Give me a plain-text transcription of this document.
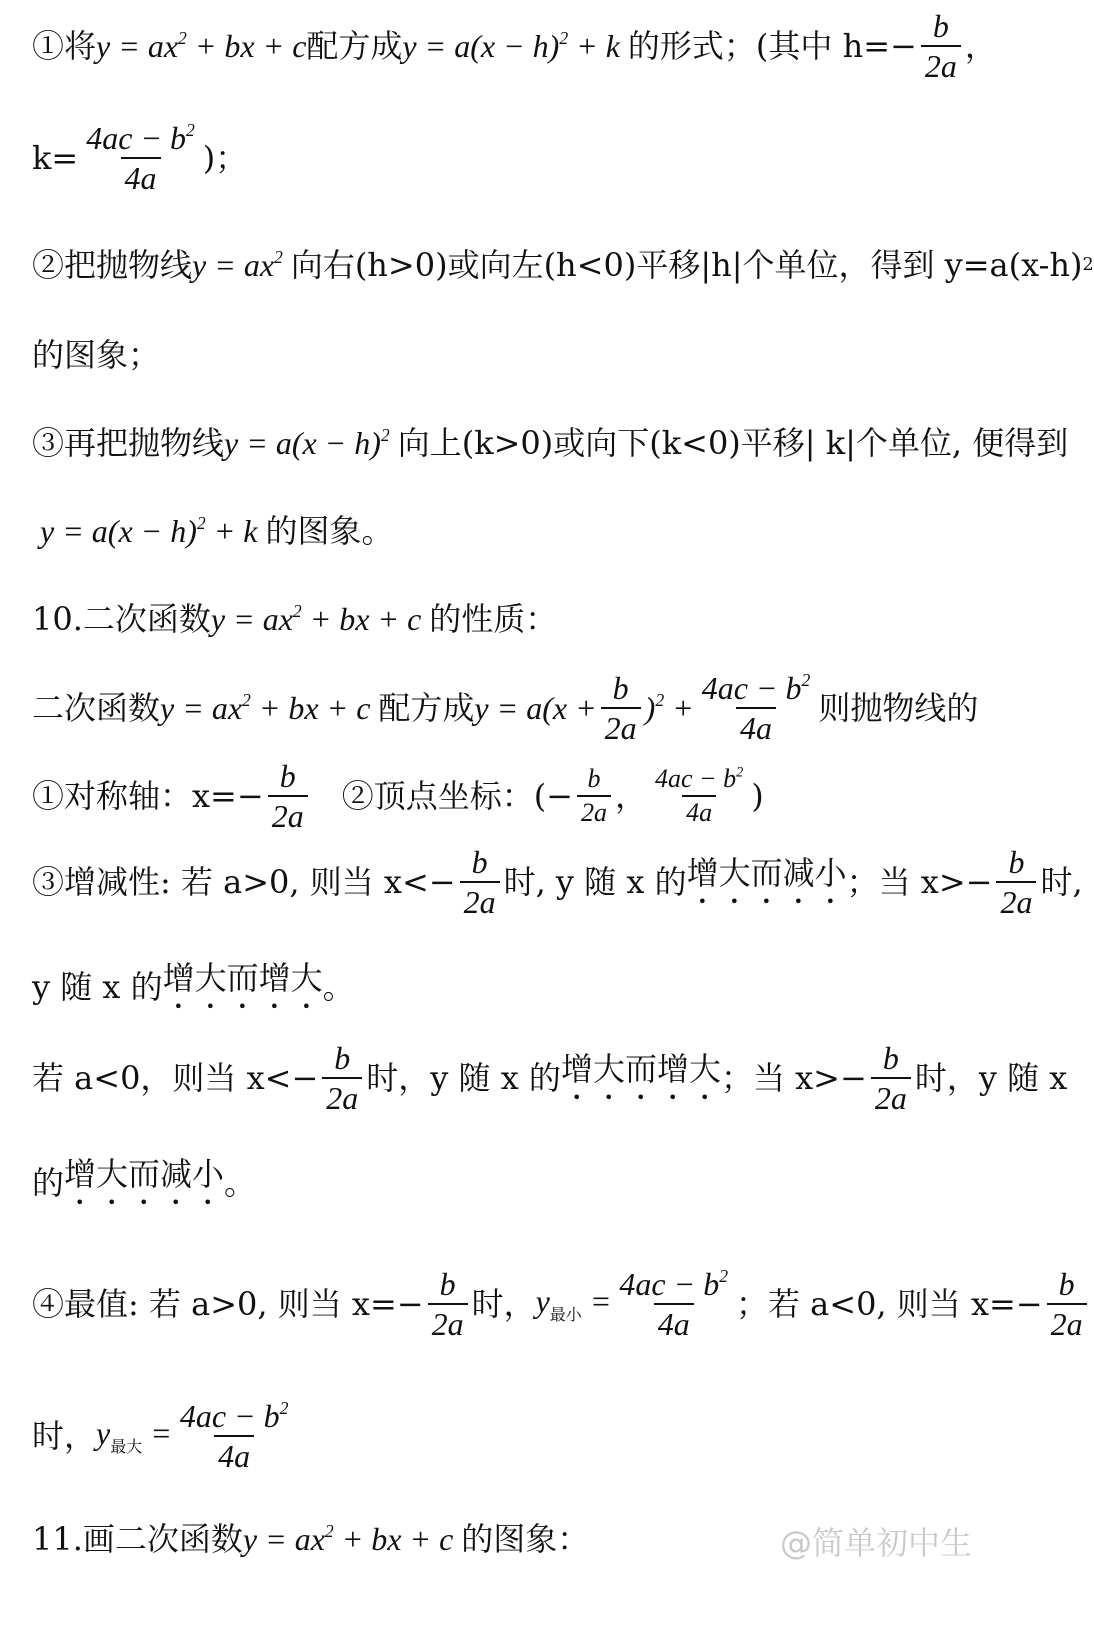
①将 $y = ax^2$ + bx + c 配方成 $y = a(x - h)^2 + k$ 的形式；(其中 $h=- \frac{b}{2a}$ ，
$k= \frac{4ac - b^2}{4a}$ )；
②把抛物线 $y = ax^2$ 向右(h>0)或向左(h<0)平移|h|个单位，得到 y=a(x-h) 2
的图象；
③再把抛物线 $y = a(x - h)^2$ 向上(k>0)或向下(k<0)平移| k|个单位, 便得到
$y = a(x - h)^2 + k$ 的图象。
10.二次函数 $y = ax^2$ + bx + c 的性质：
二次函数 $y = ax^2$ + bx + c 配方成 $y = a(x + \frac{b}{2a} )^2 + \frac{4ac - b^2}{4a}$ 则抛物线的
①对称轴：$x=- \frac{b}{2a}$ ②顶点坐标：(− $\frac{b}{2a}$ ， $\frac{4ac - b^2}{4a}$ )
③增减性: 若 a>0, 则当 $x<- \frac{b}{2a}$ 时, y 随 x 的 增大而减小 ；当 $x>- \frac{b}{2a}$ 时,
y 随 x 的 增大而增大 。
若 a<0，则当 $x<- \frac{b}{2a}$ 时，y 随 x 的 增大而增大 ；当 $x>- \frac{b}{2a}$ 时，y 随 x
的 增大而减小 。
④最值: 若 a>0, 则当 $x=- \frac{b}{2a}$ 时， $y_{最小} = \frac{4ac - b^2}{4a}$ ；若 a<0, 则当 $x=- \frac{b}{2a}$
时， $y_{最大} = \frac{4ac - b^2}{4a}$
11.画二次函数 $y = ax^2$ + bx + c 的图象：	@简单初中生
